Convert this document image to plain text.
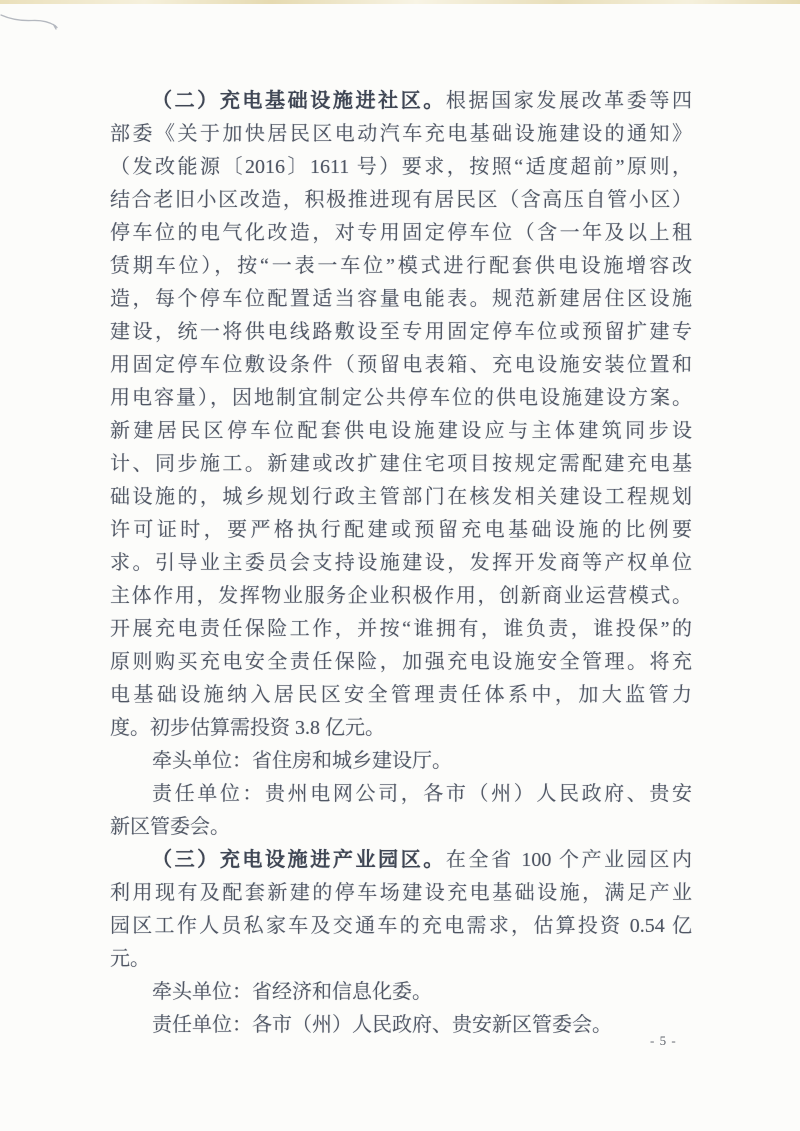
（二）充电基础设施进社区。根据国家发展改革委等四
部委《关于加快居民区电动汽车充电基础设施建设的通知》
（发改能源〔2016〕1611 号）要求，按照“适度超前”原则，
结合老旧小区改造，积极推进现有居民区（含高压自管小区）
停车位的电气化改造，对专用固定停车位（含一年及以上租
赁期车位），按“一表一车位”模式进行配套供电设施增容改
造，每个停车位配置适当容量电能表。规范新建居住区设施
建设，统一将供电线路敷设至专用固定停车位或预留扩建专
用固定停车位敷设条件（预留电表箱、充电设施安装位置和
用电容量），因地制宜制定公共停车位的供电设施建设方案。
新建居民区停车位配套供电设施建设应与主体建筑同步设
计、同步施工。新建或改扩建住宅项目按规定需配建充电基
础设施的，城乡规划行政主管部门在核发相关建设工程规划
许可证时，要严格执行配建或预留充电基础设施的比例要
求。引导业主委员会支持设施建设，发挥开发商等产权单位
主体作用，发挥物业服务企业积极作用，创新商业运营模式。
开展充电责任保险工作，并按“谁拥有，谁负责，谁投保”的
原则购买充电安全责任保险，加强充电设施安全管理。将充
电基础设施纳入居民区安全管理责任体系中，加大监管力
度。初步估算需投资 3.8 亿元。
牵头单位：省住房和城乡建设厅。
责任单位：贵州电网公司，各市（州）人民政府、贵安
新区管委会。
（三）充电设施进产业园区。在全省 100 个产业园区内
利用现有及配套新建的停车场建设充电基础设施，满足产业
园区工作人员私家车及交通车的充电需求，估算投资 0.54 亿
元。
牵头单位：省经济和信息化委。
责任单位：各市（州）人民政府、贵安新区管委会。
- 5 -
